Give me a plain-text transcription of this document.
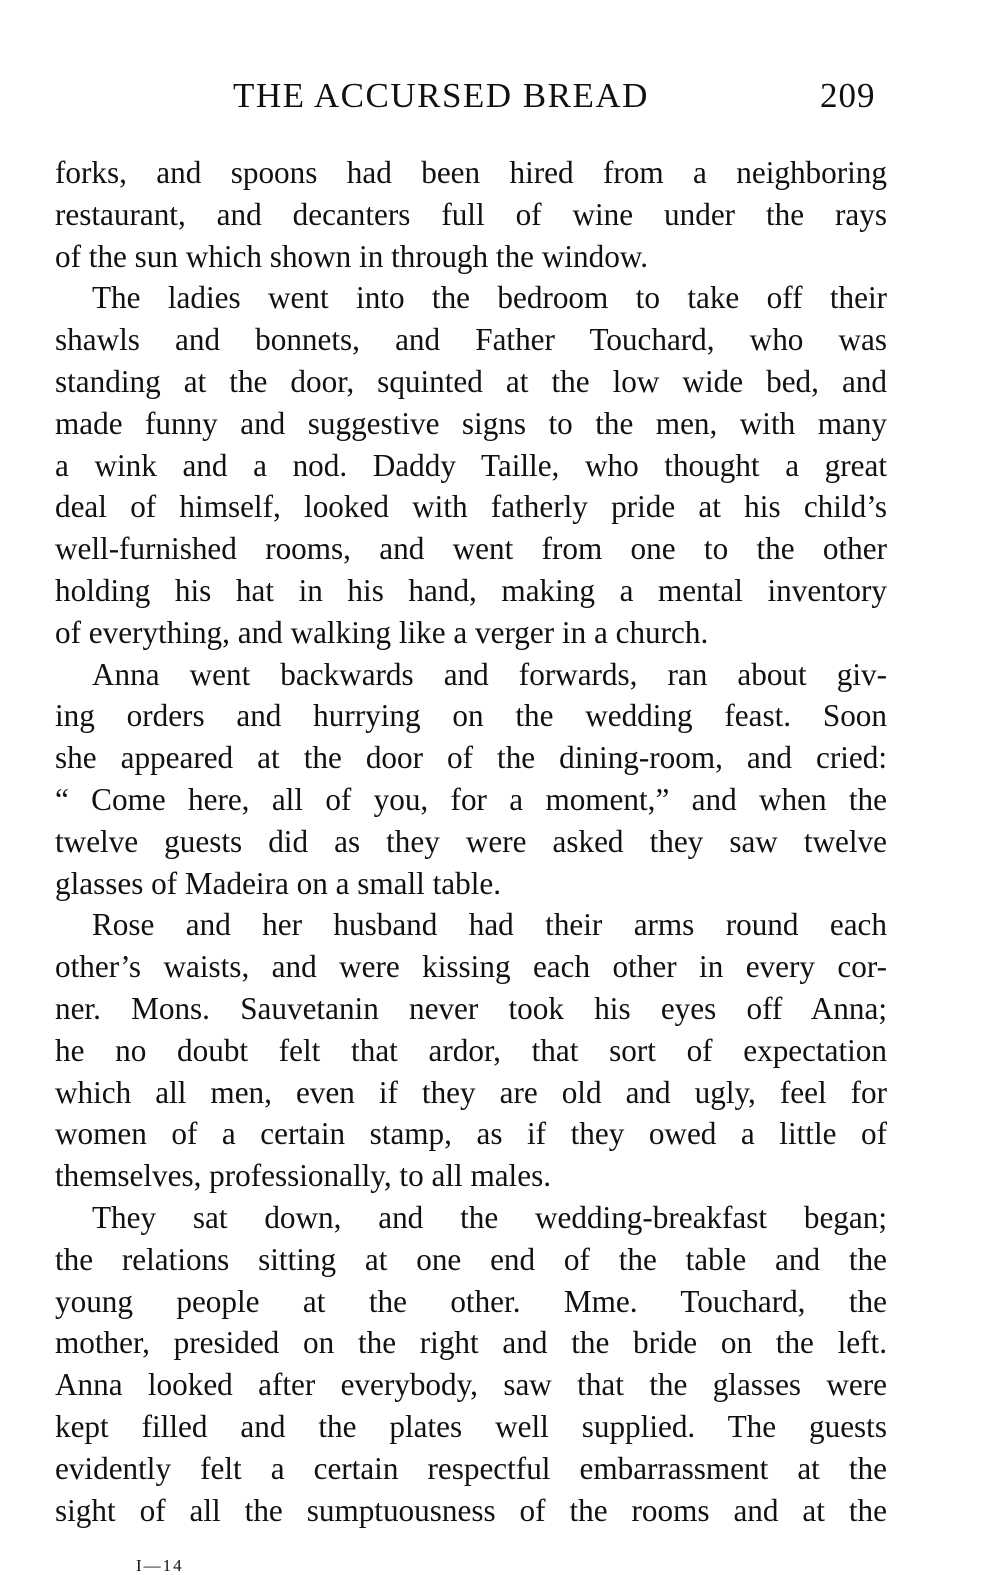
THE ACCURSED BREAD	209
forks, and spoons had been hired from a neighboring
restaurant, and decanters full of wine under the rays
of the sun which shown in through the window.
The ladies went into the bedroom to take off their
shawls and bonnets, and Father Touchard, who was
standing at the door, squinted at the low wide bed, and
made funny and suggestive signs to the men, with many
a wink and a nod. Daddy Taille, who thought a great
deal of himself, looked with fatherly pride at his child’s
well-furnished rooms, and went from one to the other
holding his hat in his hand, making a mental inventory
of everything, and walking like a verger in a church.
Anna went backwards and forwards, ran about giv-
ing orders and hurrying on the wedding feast. Soon
she appeared at the door of the dining-room, and cried:
“ Come here, all of you, for a moment,” and when the
twelve guests did as they were asked they saw twelve
glasses of Madeira on a small table.
Rose and her husband had their arms round each
other’s waists, and were kissing each other in every cor-
ner. Mons. Sauvetanin never took his eyes off Anna;
he no doubt felt that ardor, that sort of expectation
which all men, even if they are old and ugly, feel for
women of a certain stamp, as if they owed a little of
themselves, professionally, to all males.
They sat down, and the wedding-breakfast began;
the relations sitting at one end of the table and the
young people at the other. Mme. Touchard, the
mother, presided on the right and the bride on the left.
Anna looked after everybody, saw that the glasses were
kept filled and the plates well supplied. The guests
evidently felt a certain respectful embarrassment at the
sight of all the sumptuousness of the rooms and at the
I—14
